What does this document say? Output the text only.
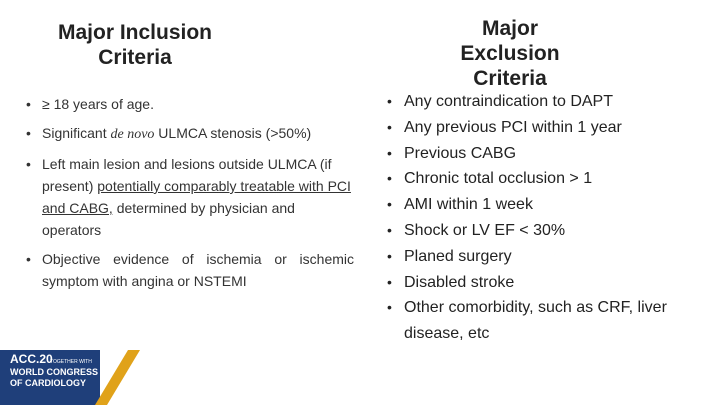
Major Inclusion Criteria
• ≥ 18 years of age.
• Significant de novo ULMCA stenosis (>50%)
• Left main lesion and lesions outside ULMCA (if present) potentially comparably treatable with PCI and CABG, determined by physician and operators
• Objective evidence of ischemia or ischemic symptom with angina or NSTEMI
Major Exclusion Criteria
• Any contraindication to DAPT
• Any previous PCI within 1 year
• Previous CABG
• Chronic total occlusion > 1
• AMI within 1 week
• Shock or LV EF < 30%
• Planed surgery
• Disabled stroke
• Other comorbidity, such as CRF, liver disease, etc
ACC.20
TOGETHER WITH
WORLD CONGRESS
OF CARDIOLOGY
